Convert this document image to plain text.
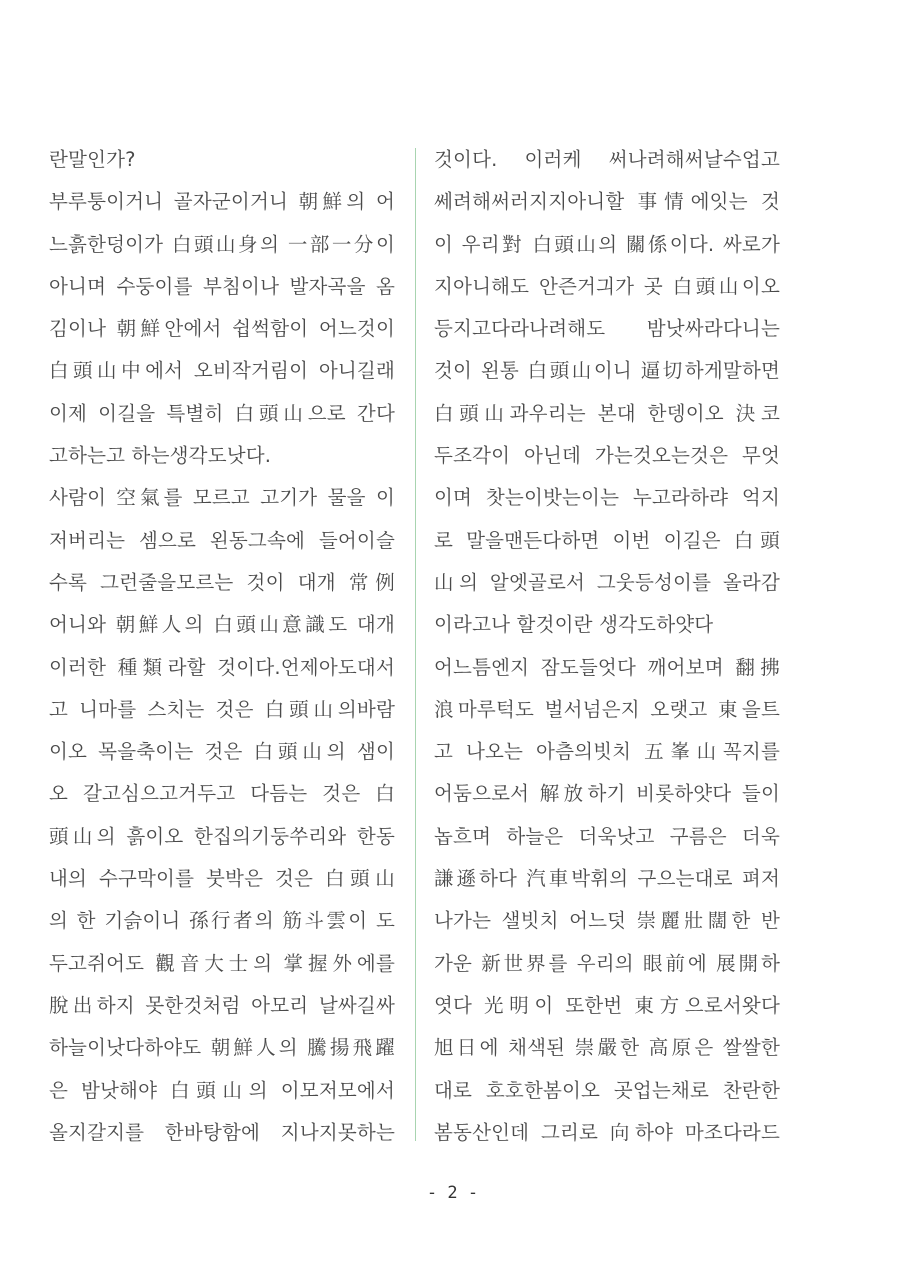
란말인가?
부루퉁이거니 골자군이거니 朝鮮의 어
느흙한덩이가 白頭山身의 一部一分이
아니며 수둥이를 부침이나 발자곡을 옴
김이나 朝鮮안에서 쉽썩함이 어느것이
白頭山中에서 오비작거림이 아니길래
이제 이길을 특별히 白頭山으로 간다
고하는고 하는생각도낫다.
사람이 空氣를 모르고 고기가 물을 이
저버리는 셈으로 왼동그속에 들어이슬
수록 그런줄을모르는 것이 대개 常例
어니와 朝鮮人의 白頭山意識도 대개
이러한 種類라할 것이다.언제아도대서
고 니마를 스치는 것은 白頭山의바람
이오 목을축이는 것은 白頭山의 샘이
오 갈고심으고거두고 다듬는 것은 白
頭山의 흙이오 한집의기둥쑤리와 한동
내의 수구막이를 붓박은 것은 白頭山
의 한 기슭이니 孫行者의 筋斗雲이 도
두고쥐어도 觀音大士의 掌握外에를
脫出하지 못한것처럼 아모리 날싸길싸
하늘이낫다하야도 朝鮮人의 騰揚飛躍
은 밤낫해야 白頭山의 이모저모에서
올지갈지를 한바탕함에 지나지못하는
것이다. 이러케 써나려해써날수업고
쎄려해써러지지아니할 事情에잇는 것
이 우리對 白頭山의 關係이다. 싸로가
지아니해도 안즌거긔가 곳 白頭山이오
등지고다라나려해도 밤낫싸라다니는
것이 왼통 白頭山이니 逼切하게말하면
白頭山과우리는 본대 한뎅이오 決코
두조각이 아닌데 가는것오는것은 무엇
이며 찻는이밧는이는 누고라하랴 억지
로 말을맨든다하면 이번 이길은 白頭
山의 알엣골로서 그웃등성이를 올라감
이라고나 할것이란 생각도하얏다
어느틈엔지 잠도들엇다 깨어보며 翻拂
浪마루턱도 벌서넘은지 오랫고 東을트
고 나오는 아츰의빗치 五峯山꼭지를
어둠으로서 解放하기 비롯하얏다 들이
놉흐며 하늘은 더욱낫고 구름은 더욱
謙遜하다 汽車박휘의 구으는대로 펴저
나가는 샐빗치 어느덧 崇麗壯闊한 반
가운 新世界를 우리의 眼前에 展開하
엿다 光明이 또한번 東方으로서왓다
旭日에 채색된 崇嚴한 高原은 쌀쌀한
대로 호호한봄이오 곳업는채로 찬란한
봄동산인데 그리로 向하야 마조다라드
- 2 -
